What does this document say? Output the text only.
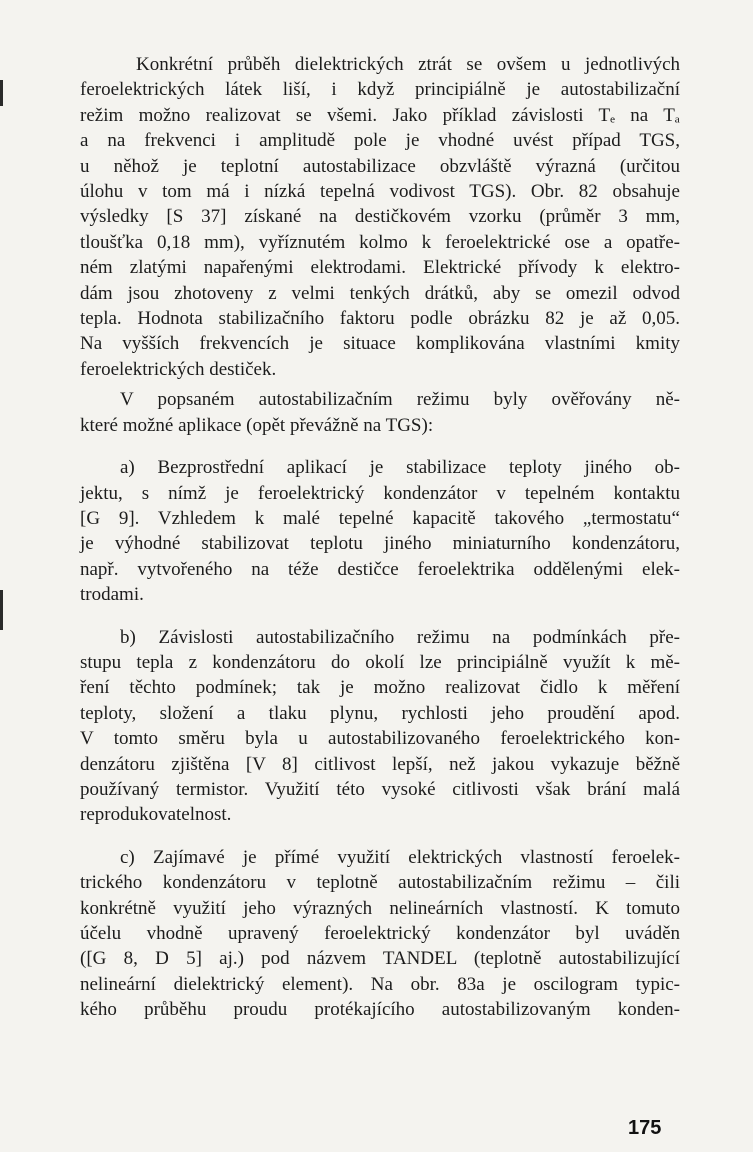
Konkrétní průběh dielektrických ztrát se ovšem u jednotlivých
feroelektrických látek liší, i když principiálně je autostabilizační
režim možno realizovat se všemi. Jako příklad závislosti Tₑ na Tₐ
a na frekvenci i amplitudě pole je vhodné uvést případ TGS,
u něhož je teplotní autostabilizace obzvláště výrazná (určitou
úlohu v tom má i nízká tepelná vodivost TGS). Obr. 82 obsahuje
výsledky [S 37] získané na destičkovém vzorku (průměr 3 mm,
tloušťka 0,18 mm), vyříznutém kolmo k feroelektrické ose a opatře-
ném zlatými napařenými elektrodami. Elektrické přívody k elektro-
dám jsou zhotoveny z velmi tenkých drátků, aby se omezil odvod
tepla. Hodnota stabilizačního faktoru podle obrázku 82 je až 0,05.
Na vyšších frekvencích je situace komplikována vlastními kmity
feroelektrických destiček.
V popsaném autostabilizačním režimu byly ověřovány ně-
které možné aplikace (opět převážně na TGS):
a) Bezprostřední aplikací je stabilizace teploty jiného ob-
jektu, s nímž je feroelektrický kondenzátor v tepelném kontaktu
[G 9]. Vzhledem k malé tepelné kapacitě takového „termostatu“
je výhodné stabilizovat teplotu jiného miniaturního kondenzátoru,
např. vytvořeného na téže destičce feroelektrika oddělenými elek-
trodami.
b) Závislosti autostabilizačního režimu na podmínkách pře-
stupu tepla z kondenzátoru do okolí lze principiálně využít k mě-
ření těchto podmínek; tak je možno realizovat čidlo k měření
teploty, složení a tlaku plynu, rychlosti jeho proudění apod.
V tomto směru byla u autostabilizovaného feroelektrického kon-
denzátoru zjištěna [V 8] citlivost lepší, než jakou vykazuje běžně
používaný termistor. Využití této vysoké citlivosti však brání malá
reprodukovatelnost.
c) Zajímavé je přímé využití elektrických vlastností feroelek-
trického kondenzátoru v teplotně autostabilizačním režimu – čili
konkrétně využití jeho výrazných nelineárních vlastností. K tomuto
účelu vhodně upravený feroelektrický kondenzátor byl uváděn
([G 8, D 5] aj.) pod názvem TANDEL (teplotně autostabilizující
nelineární dielektrický element). Na obr. 83a je oscilogram typic-
kého průběhu proudu protékajícího autostabilizovaným konden-
175
